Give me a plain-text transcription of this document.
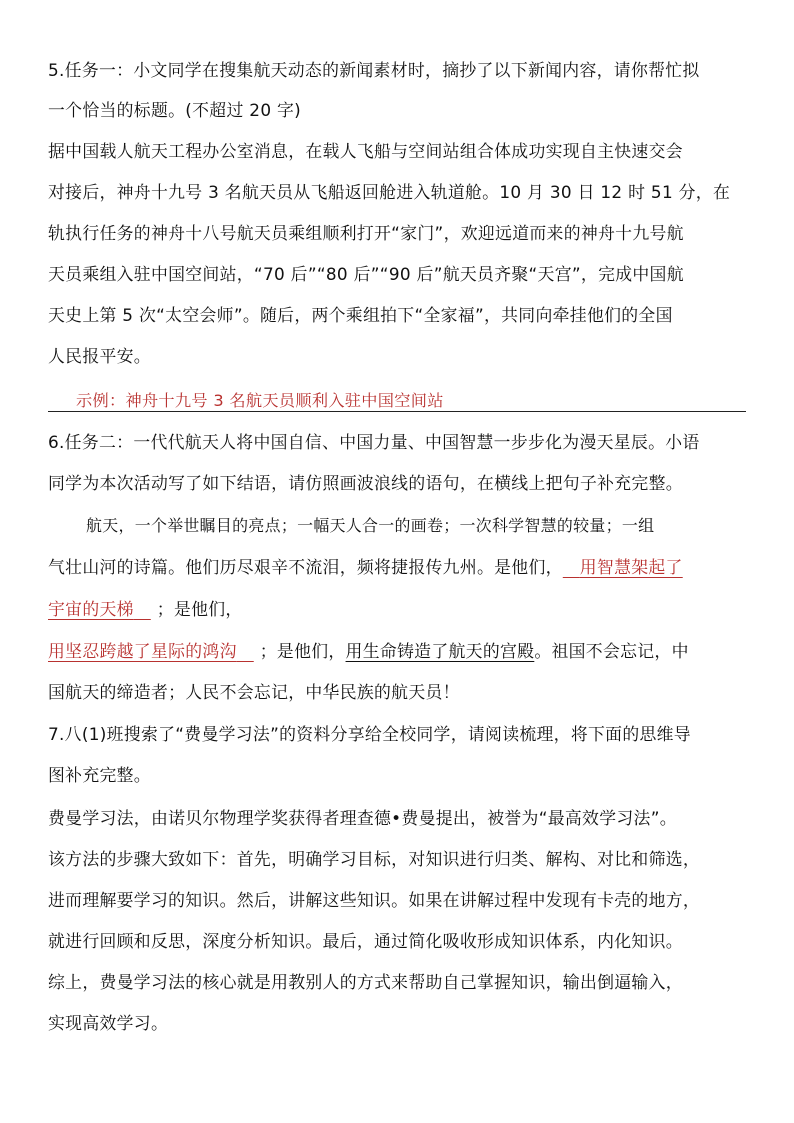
5.任务一：小文同学在搜集航天动态的新闻素材时，摘抄了以下新闻内容，请你帮忙拟
一个恰当的标题。(不超过 20 字)
据中国载人航天工程办公室消息，在载人飞船与空间站组合体成功实现自主快速交会
对接后，神舟十九号 3 名航天员从飞船返回舱进入轨道舱。10 月 30 日 12 时 51 分，在
轨执行任务的神舟十八号航天员乘组顺利打开“家门”，欢迎远道而来的神舟十九号航
天员乘组入驻中国空间站，“70 后”“80 后”“90 后”航天员齐聚“天宫”，完成中国航
天史上第 5 次“太空会师”。随后，两个乘组拍下“全家福”，共同向牵挂他们的全国
人民报平安。
示例：神舟十九号 3 名航天员顺利入驻中国空间站
6.任务二：一代代航天人将中国自信、中国力量、中国智慧一步步化为漫天星辰。小语
同学为本次活动写了如下结语，请仿照画波浪线的语句，在横线上把句子补充完整。
航天，一个举世瞩目的亮点；一幅天人合一的画卷；一次科学智慧的较量；一组
气壮山河的诗篇。他们历尽艰辛不流泪，频将捷报传九州。是他们， 用智慧架起了
宇宙的天梯 ；是他们，
用坚忍跨越了星际的鸿沟 ；是他们，用生命铸造了航天的宫殿。祖国不会忘记，中
国航天的缔造者；人民不会忘记，中华民族的航天员！
7.八(1)班搜索了“费曼学习法”的资料分享给全校同学，请阅读梳理，将下面的思维导
图补充完整。
费曼学习法，由诺贝尔物理学奖获得者理查德•费曼提出，被誉为“最高效学习法”。
该方法的步骤大致如下：首先，明确学习目标，对知识进行归类、解构、对比和筛选，
进而理解要学习的知识。然后，讲解这些知识。如果在讲解过程中发现有卡壳的地方，
就进行回顾和反思，深度分析知识。最后，通过简化吸收形成知识体系，内化知识。
综上，费曼学习法的核心就是用教别人的方式来帮助自己掌握知识，输出倒逼输入，
实现高效学习。
